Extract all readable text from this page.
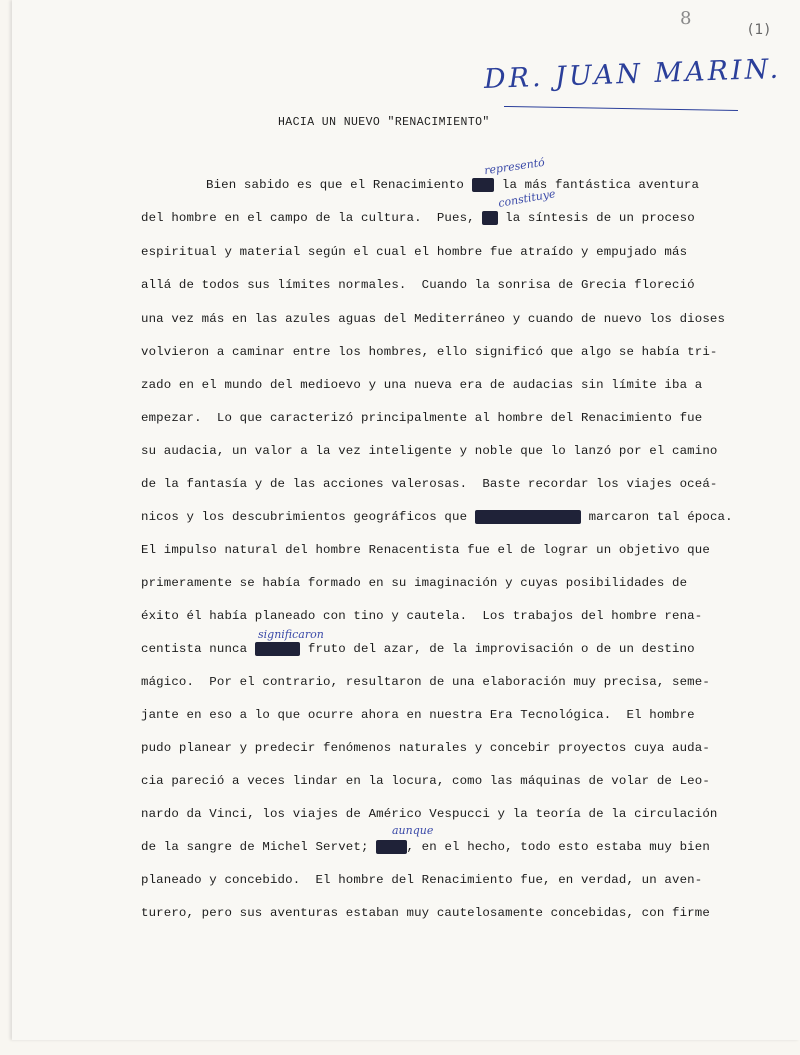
8
(1)
DR. JUAN MARIN.
HACIA UN NUEVO "RENACIMIENTO"
representó
constituye
significaron
aunque
Bien sabido es que el Renacimiento	la más fantástica aventura
del hombre en el campo de la cultura.  Pues, la síntesis de un proceso
espiritual y material según el cual el hombre fue atraído y empujado más
allá de todos sus límites normales.  Cuando la sonrisa de Grecia floreció
una vez más en las azules aguas del Mediterráneo y cuando de nuevo los dioses
volvieron a caminar entre los hombres, ello significó que algo se había tri-
zado en el mundo del medioevo y una nueva era de audacias sin límite iba a
empezar.  Lo que caracterizó principalmente al hombre del Renacimiento fue
su audacia, un valor a la vez inteligente y noble que lo lanzó por el camino
de la fantasía y de las acciones valerosas.  Baste recordar los viajes oceá-
nicos y los descubrimientos geográficos que	marcaron tal época.
El impulso natural del hombre Renacentista fue el de lograr un objetivo que
primeramente se había formado en su imaginación y cuyas posibilidades de
éxito él había planeado con tino y cautela.  Los trabajos del hombre rena-
centista nunca	fruto del azar, de la improvisación o de un destino
mágico.  Por el contrario, resultaron de una elaboración muy precisa, seme-
jante en eso a lo que ocurre ahora en nuestra Era Tecnológica.  El hombre
pudo planear y predecir fenómenos naturales y concebir proyectos cuya auda-
cia pareció a veces lindar en la locura, como las máquinas de volar de Leo-
nardo da Vinci, los viajes de Américo Vespucci y la teoría de la circulación
de la sangre de Michel Servet;	, en el hecho, todo esto estaba muy bien
planeado y concebido.  El hombre del Renacimiento fue, en verdad, un aven-
turero, pero sus aventuras estaban muy cautelosamente concebidas, con firme
